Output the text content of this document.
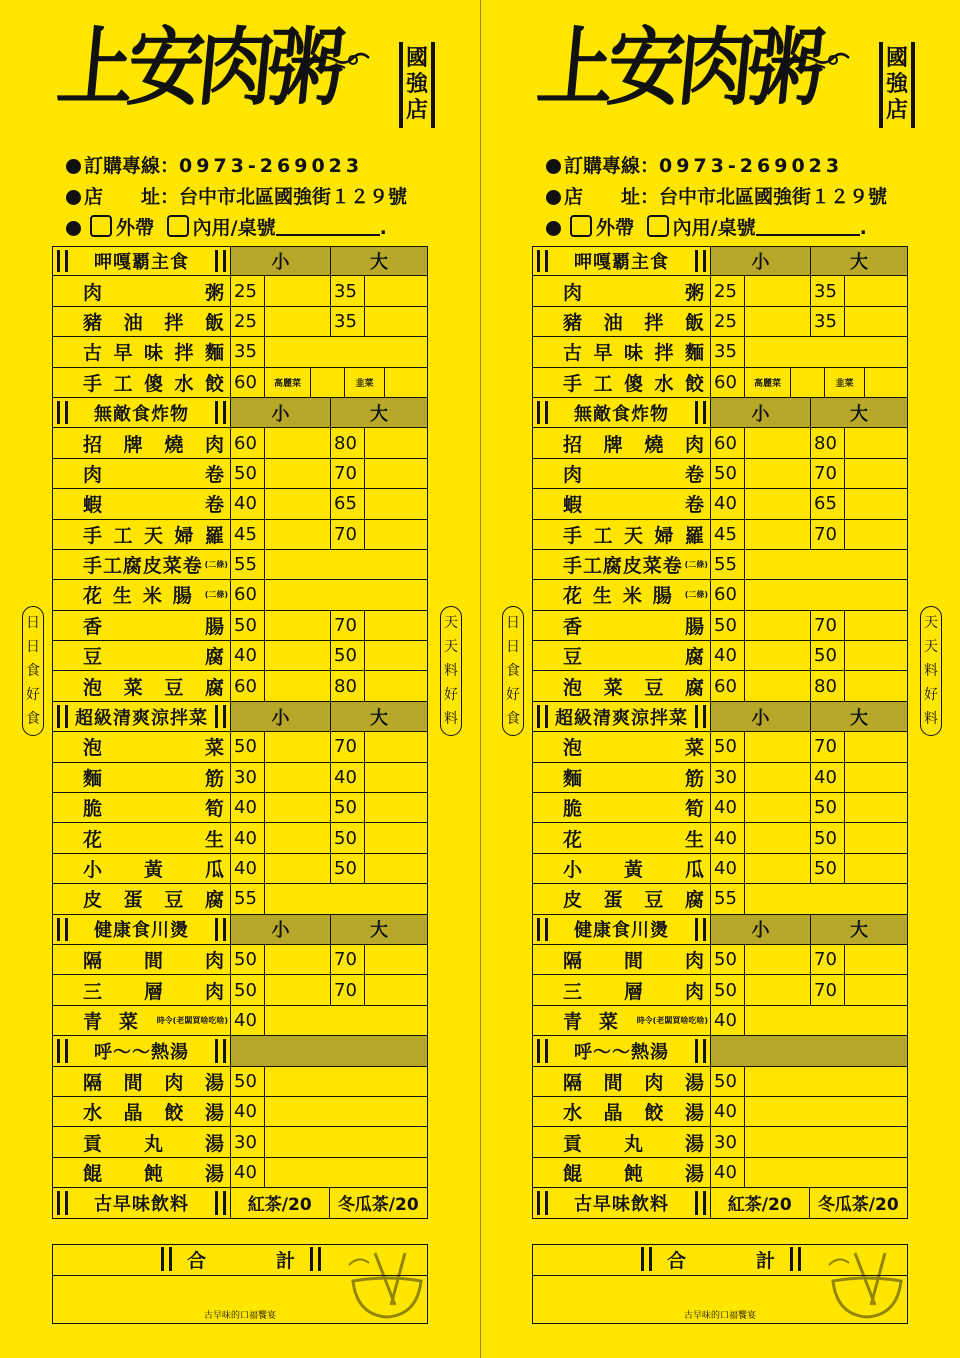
上安肉粥	國
強
店
訂購專線：0973-269023
店　　址：台中市北區國強街１２９號
外帶 內用/桌號	.
呷嘎覇主食	小	大
肉	粥 25	35
豬 油 拌 飯 25	35
古 早 味 拌 麵 35
手 工 傻 水 餃 60	高麗菜	韭菜
無敵食炸物	小	大
招 牌 燒 肉 60	80
肉	卷 50	70
蝦	卷 40	65
手 工 天 婦 羅 45	70
手 工 腐 皮 菜 卷 (二條) 55
花 生 米 腸 (二條) 60
香	腸 50	70
豆	腐 40	50
泡 菜 豆 腐 60	80
超級清爽涼拌菜	小	大
泡	菜 50	70
麵	筋 30	40
脆	筍 40	50
花	生 40	50
小 黃 瓜 40	50
皮 蛋 豆 腐 55
健康食川燙	小	大
隔 間 肉 50	70
三 層 肉 50	70
青 菜 時令(老闆買啥吃啥) 40
呼～～熱湯
隔 間 肉 湯 50
水 晶 餃 湯 40
貢 丸 湯 30
餛 飩 湯 40
古早味飲料	紅茶/20	冬瓜茶/20
合	計
古早味的口福饗宴
日
日
食
好
食
天
天
料
好
料
上安肉粥	國
強
店
訂購專線：0973-269023
店　　址：台中市北區國強街１２９號
外帶 內用/桌號	.
呷嘎覇主食	小	大
肉	粥 25	35
豬 油 拌 飯 25	35
古 早 味 拌 麵 35
手 工 傻 水 餃 60	高麗菜	韭菜
無敵食炸物	小	大
招 牌 燒 肉 60	80
肉	卷 50	70
蝦	卷 40	65
手 工 天 婦 羅 45	70
手 工 腐 皮 菜 卷 (二條) 55
花 生 米 腸 (二條) 60
香	腸 50	70
豆	腐 40	50
泡 菜 豆 腐 60	80
超級清爽涼拌菜	小	大
泡	菜 50	70
麵	筋 30	40
脆	筍 40	50
花	生 40	50
小 黃 瓜 40	50
皮 蛋 豆 腐 55
健康食川燙	小	大
隔 間 肉 50	70
三 層 肉 50	70
青 菜 時令(老闆買啥吃啥) 40
呼～～熱湯
隔 間 肉 湯 50
水 晶 餃 湯 40
貢 丸 湯 30
餛 飩 湯 40
古早味飲料	紅茶/20	冬瓜茶/20
合	計
古早味的口福饗宴
日
日
食
好
食
天
天
料
好
料
